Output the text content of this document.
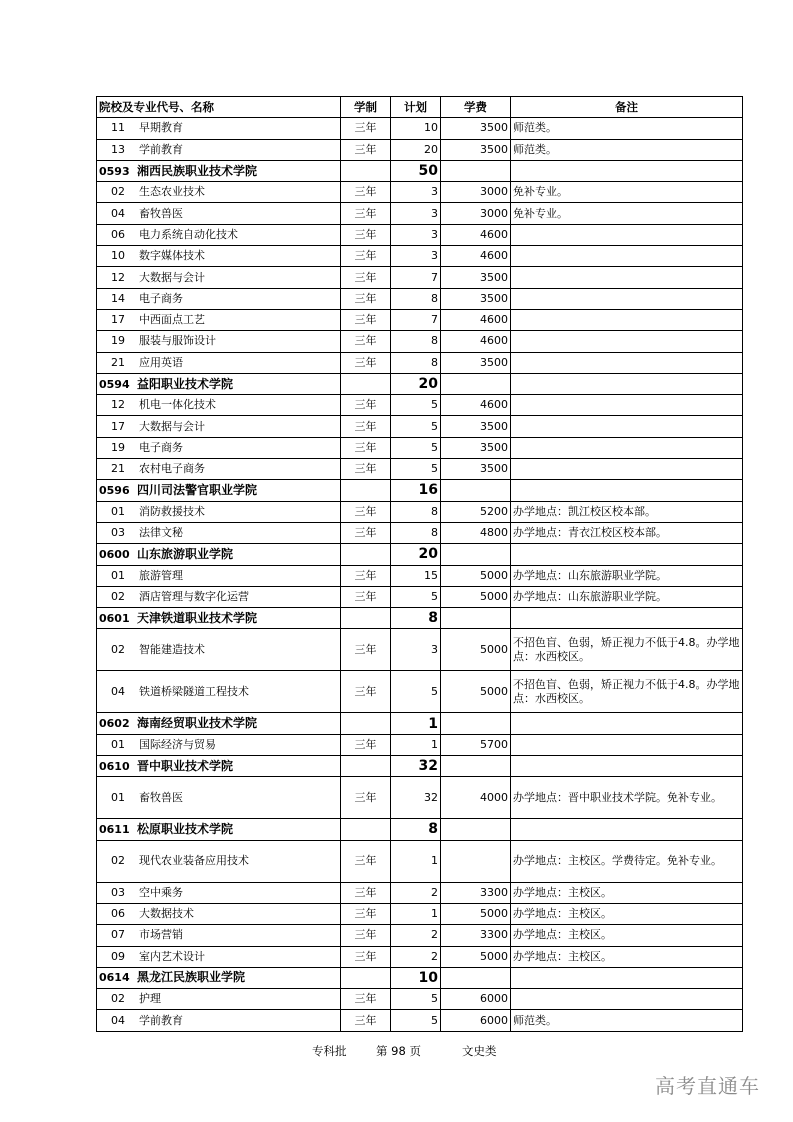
院校及专业代号、名称	学制	计划	学费	备注
11 早期教育	三年	10	3500	师范类。
13 学前教育	三年	20	3500	师范类。
0593 湘西民族职业技术学院		50		
02 生态农业技术	三年	3	3000	免补专业。
04 畜牧兽医	三年	3	3000	免补专业。
06 电力系统自动化技术	三年	3	4600	
10 数字媒体技术	三年	3	4600	
12 大数据与会计	三年	7	3500	
14 电子商务	三年	8	3500	
17 中西面点工艺	三年	7	4600	
19 服装与服饰设计	三年	8	4600	
21 应用英语	三年	8	3500	
0594 益阳职业技术学院		20		
12 机电一体化技术	三年	5	4600	
17 大数据与会计	三年	5	3500	
19 电子商务	三年	5	3500	
21 农村电子商务	三年	5	3500	
0596 四川司法警官职业学院		16		
01 消防救援技术	三年	8	5200	办学地点：凯江校区校本部。
03 法律文秘	三年	8	4800	办学地点：青衣江校区校本部。
0600 山东旅游职业学院		20		
01 旅游管理	三年	15	5000	办学地点：山东旅游职业学院。
02 酒店管理与数字化运营	三年	5	5000	办学地点：山东旅游职业学院。
0601 天津铁道职业技术学院		8		
02 智能建造技术	三年	3	5000	不招色盲、色弱，矫正视力不低于4.8。办学地点：水西校区。
04 铁道桥梁隧道工程技术	三年	5	5000	不招色盲、色弱，矫正视力不低于4.8。办学地点：水西校区。
0602 海南经贸职业技术学院		1		
01 国际经济与贸易	三年	1	5700	
0610 晋中职业技术学院		32		
01 畜牧兽医	三年	32	4000	办学地点：晋中职业技术学院。免补专业。
0611 松原职业技术学院		8		
02 现代农业装备应用技术	三年	1		办学地点：主校区。学费待定。免补专业。
03 空中乘务	三年	2	3300	办学地点：主校区。
06 大数据技术	三年	1	5000	办学地点：主校区。
07 市场营销	三年	2	3300	办学地点：主校区。
09 室内艺术设计	三年	2	5000	办学地点：主校区。
0614 黑龙江民族职业学院		10		
02 护理	三年	5	6000	
04 学前教育	三年	5	6000	师范类。
专科批	第 98 页	文史类
高考直通车
